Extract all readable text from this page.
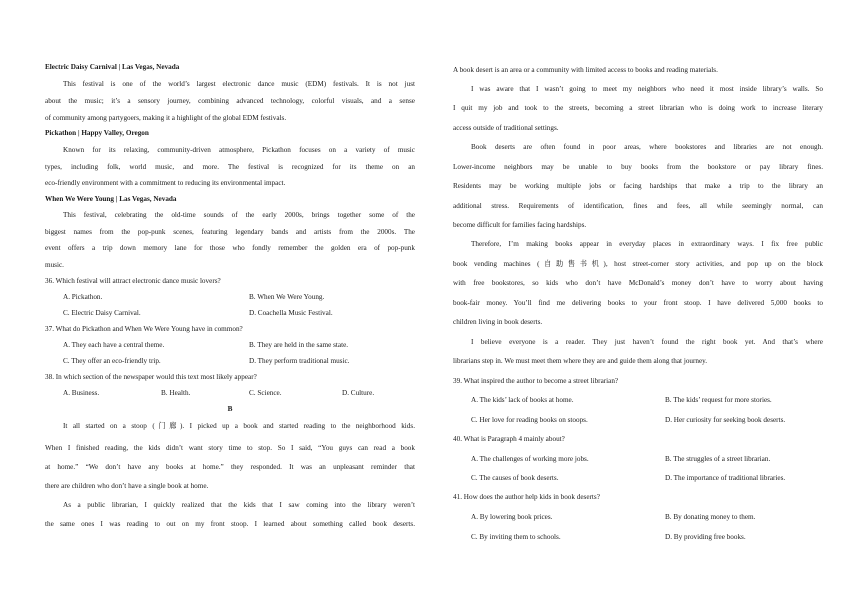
Electric Daisy Carnival | Las Vegas, Nevada
This festival is one of the world’s largest electronic dance music (EDM) festivals. It is not just
about the music; it’s a sensory journey, combining advanced technology, colorful visuals, and a sense
of community among partygoers, making it a highlight of the global EDM festivals.
Pickathon | Happy Valley, Oregon
Known for its relaxing, community-driven atmosphere, Pickathon focuses on a variety of music
types, including folk, world music, and more. The festival is recognized for its theme on an
eco-friendly environment with a commitment to reducing its environmental impact.
When We Were Young | Las Vegas, Nevada
This festival, celebrating the old-time sounds of the early 2000s, brings together some of the
biggest names from the pop-punk scenes, featuring legendary bands and artists from the 2000s. The
event offers a trip down memory lane for those who fondly remember the golden era of pop-punk
music.
36. Which festival will attract electronic dance music lovers?
A. Pickathon.	B. When We Were Young.
C. Electric Daisy Carnival.	D. Coachella Music Festival.
37. What do Pickathon and When We Were Young have in common?
A. They each have a central theme.	B. They are held in the same state.
C. They offer an eco-friendly trip.	D. They perform traditional music.
38. In which section of the newspaper would this text most likely appear?
A. Business.	B. Health.	C. Science.	D. Culture.
B
It all started on a stoop (门廊). I picked up a book and started reading to the neighborhood kids.
When I finished reading, the kids didn’t want story time to stop. So I said, “You guys can read a book
at home.” “We don’t have any books at home.” they responded. It was an unpleasant reminder that
there are children who don’t have a single book at home.
As a public librarian, I quickly realized that the kids that I saw coming into the library weren’t
the same ones I was reading to out on my front stoop. I learned about something called book deserts.
A book desert is an area or a community with limited access to books and reading materials.
I was aware that I wasn’t going to meet my neighbors who need it most inside library’s walls. So
I quit my job and took to the streets, becoming a street librarian who is doing work to increase literary
access outside of traditional settings.
Book deserts are often found in poor areas, where bookstores and libraries are not enough.
Lower-income neighbors may be unable to buy books from the bookstore or pay library fines.
Residents may be working multiple jobs or facing hardships that make a trip to the library an
additional stress. Requirements of identification, fines and fees, all while seemingly normal, can
become difficult for families facing hardships.
Therefore, I’m making books appear in everyday places in extraordinary ways. I fix free public
book vending machines (自助售书机), host street-corner story activities, and pop up on the block
with free bookstores, so kids who don’t have McDonald’s money don’t have to worry about having
book-fair money. You’ll find me delivering books to your front stoop. I have delivered 5,000 books to
children living in book deserts.
I believe everyone is a reader. They just haven’t found the right book yet. And that’s where
librarians step in. We must meet them where they are and guide them along that journey.
39. What inspired the author to become a street librarian?
A. The kids’ lack of books at home.	B. The kids’ request for more stories.
C. Her love for reading books on stoops.	D. Her curiosity for seeking book deserts.
40. What is Paragraph 4 mainly about?
A. The challenges of working more jobs.	B. The struggles of a street librarian.
C. The causes of book deserts.	D. The importance of traditional libraries.
41. How does the author help kids in book deserts?
A. By lowering book prices.	B. By donating money to them.
C. By inviting them to schools.	D. By providing free books.
